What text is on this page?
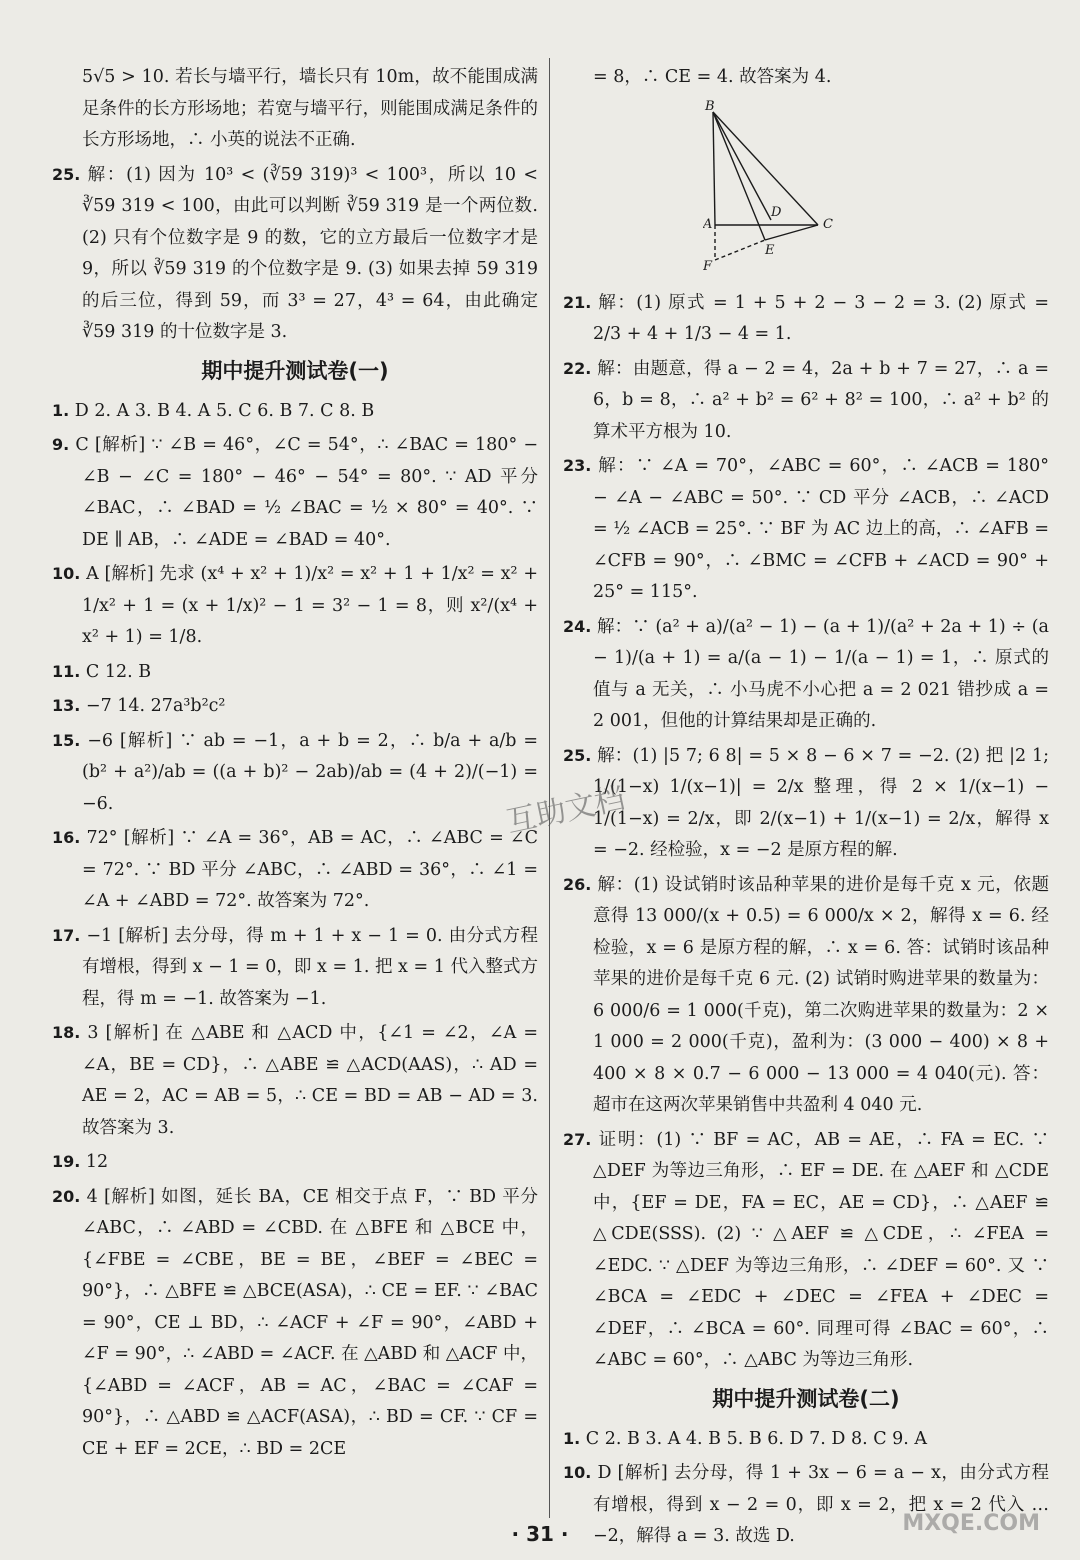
5√5 > 10. 若长与墙平行，墙长只有 10m，故不能围成满足条件的长方形场地；若宽与墙平行，则能围成满足条件的长方形场地，∴ 小英的说法不正确.
25. 解：(1) 因为 10³ < (∛59 319)³ < 100³，所以 10 < ∛59 319 < 100，由此可以判断 ∛59 319 是一个两位数. (2) 只有个位数字是 9 的数，它的立方最后一位数字才是 9，所以 ∛59 319 的个位数字是 9. (3) 如果去掉 59 319 的后三位，得到 59，而 3³ = 27，4³ = 64，由此确定 ∛59 319 的十位数字是 3.
期中提升测试卷(一)
1. D 2. A 3. B 4. A 5. C 6. B 7. C 8. B
9. C [解析] ∵ ∠B = 46°，∠C = 54°，∴ ∠BAC = 180° − ∠B − ∠C = 180° − 46° − 54° = 80°. ∵ AD 平分 ∠BAC，∴ ∠BAD = ½ ∠BAC = ½ × 80° = 40°. ∵ DE ∥ AB，∴ ∠ADE = ∠BAD = 40°.
10. A [解析] 先求 (x⁴ + x² + 1)/x² = x² + 1 + 1/x² = x² + 1/x² + 1 = (x + 1/x)² − 1 = 3² − 1 = 8，则 x²/(x⁴ + x² + 1) = 1/8.
11. C 12. B
13. −7 14. 27a³b²c²
15. −6 [解析] ∵ ab = −1，a + b = 2，∴ b/a + a/b = (b² + a²)/ab = ((a + b)² − 2ab)/ab = (4 + 2)/(−1) = −6.
16. 72° [解析] ∵ ∠A = 36°，AB = AC，∴ ∠ABC = ∠C = 72°. ∵ BD 平分 ∠ABC，∴ ∠ABD = 36°，∴ ∠1 = ∠A + ∠ABD = 72°. 故答案为 72°.
17. −1 [解析] 去分母，得 m + 1 + x − 1 = 0. 由分式方程有增根，得到 x − 1 = 0，即 x = 1. 把 x = 1 代入整式方程，得 m = −1. 故答案为 −1.
18. 3 [解析] 在 △ABE 和 △ACD 中，{∠1 = ∠2，∠A = ∠A，BE = CD}，∴ △ABE ≌ △ACD(AAS)，∴ AD = AE = 2，AC = AB = 5，∴ CE = BD = AB − AD = 3. 故答案为 3.
19. 12
20. 4 [解析] 如图，延长 BA，CE 相交于点 F，∵ BD 平分 ∠ABC，∴ ∠ABD = ∠CBD. 在 △BFE 和 △BCE 中，{∠FBE = ∠CBE，BE = BE，∠BEF = ∠BEC = 90°}，∴ △BFE ≌ △BCE(ASA)，∴ CE = EF. ∵ ∠BAC = 90°，CE ⊥ BD，∴ ∠ACF + ∠F = 90°，∠ABD + ∠F = 90°，∴ ∠ABD = ∠ACF. 在 △ABD 和 △ACF 中，{∠ABD = ∠ACF，AB = AC，∠BAC = ∠CAF = 90°}，∴ △ABD ≌ △ACF(ASA)，∴ BD = CF. ∵ CF = CE + EF = 2CE，∴ BD = 2CE
= 8，∴ CE = 4. 故答案为 4.
B
A
D
C
E
F
21. 解：(1) 原式 = 1 + 5 + 2 − 3 − 2 = 3. (2) 原式 = 2/3 + 4 + 1/3 − 4 = 1.
22. 解：由题意，得 a − 2 = 4，2a + b + 7 = 27，∴ a = 6，b = 8，∴ a² + b² = 6² + 8² = 100，∴ a² + b² 的算术平方根为 10.
23. 解：∵ ∠A = 70°，∠ABC = 60°，∴ ∠ACB = 180° − ∠A − ∠ABC = 50°. ∵ CD 平分 ∠ACB，∴ ∠ACD = ½ ∠ACB = 25°. ∵ BF 为 AC 边上的高，∴ ∠AFB = ∠CFB = 90°，∴ ∠BMC = ∠CFB + ∠ACD = 90° + 25° = 115°.
24. 解：∵ (a² + a)/(a² − 1) − (a + 1)/(a² + 2a + 1) ÷ (a − 1)/(a + 1) = a/(a − 1) − 1/(a − 1) = 1，∴ 原式的值与 a 无关，∴ 小马虎不小心把 a = 2 021 错抄成 a = 2 001，但他的计算结果却是正确的.
25. 解：(1) |5 7; 6 8| = 5 × 8 − 6 × 7 = −2. (2) 把 |2 1; 1/(1−x) 1/(x−1)| = 2/x 整理，得 2 × 1/(x−1) − 1/(1−x) = 2/x，即 2/(x−1) + 1/(x−1) = 2/x，解得 x = −2. 经检验，x = −2 是原方程的解.
26. 解：(1) 设试销时该品种苹果的进价是每千克 x 元，依题意得 13 000/(x + 0.5) = 6 000/x × 2，解得 x = 6. 经检验，x = 6 是原方程的解，∴ x = 6. 答：试销时该品种苹果的进价是每千克 6 元. (2) 试销时购进苹果的数量为：6 000/6 = 1 000(千克)，第二次购进苹果的数量为：2 × 1 000 = 2 000(千克)，盈利为：(3 000 − 400) × 8 + 400 × 8 × 0.7 − 6 000 − 13 000 = 4 040(元). 答：超市在这两次苹果销售中共盈利 4 040 元.
27. 证明：(1) ∵ BF = AC，AB = AE，∴ FA = EC. ∵ △DEF 为等边三角形，∴ EF = DE. 在 △AEF 和 △CDE 中，{EF = DE，FA = EC，AE = CD}，∴ △AEF ≌ △CDE(SSS). (2) ∵ △AEF ≌ △CDE，∴ ∠FEA = ∠EDC. ∵ △DEF 为等边三角形，∴ ∠DEF = 60°. 又 ∵ ∠BCA = ∠EDC + ∠DEC = ∠FEA + ∠DEC = ∠DEF，∴ ∠BCA = 60°. 同理可得 ∠BAC = 60°，∴ ∠ABC = 60°，∴ △ABC 为等边三角形.
期中提升测试卷(二)
1. C 2. B 3. A 4. B 5. B 6. D 7. D 8. C 9. A
10. D [解析] 去分母，得 1 + 3x − 6 = a − x，由分式方程有增根，得到 x − 2 = 0，即 x = 2，把 x = 2 代入 … −2，解得 a = 3. 故选 D.
互助文档
MXQE.COM
· 31 ·
